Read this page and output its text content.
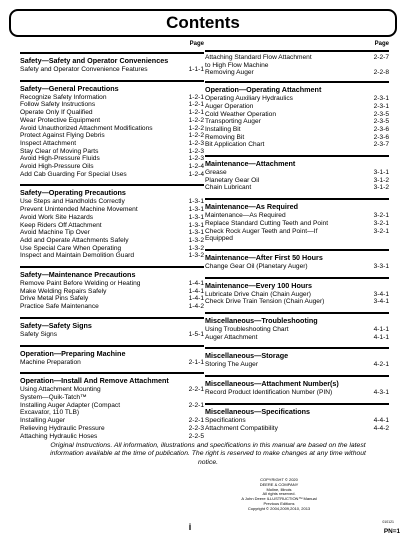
Contents
Page
Safety—Safety and Operator Conveniences
1-1-1
Safety and Operator Convenience Features
Safety—General Precautions
1-2-1
Recognize Safety Information
1-2-1
Follow Safety Instructions
1-2-1
Operate Only If Qualified
1-2-2
Wear Protective Equipment
1-2-2
Avoid Unauthorized Attachment Modifications
1-2-2
Protect Against Flying Debris
1-2-3
Inspect Attachment
1-2-3
Stay Clear of Moving Parts
1-2-3
Avoid High-Pressure Fluids
1-2-4
Avoid High-Pressure Oils
1-2-4
Add Cab Guarding For Special Uses
Safety—Operating Precautions
1-3-1
Use Steps and Handholds Correctly
1-3-1
Prevent Unintended Machine Movement
1-3-1
Avoid Work Site Hazards
1-3-1
Keep Riders Off Attachment
1-3-1
Avoid Machine Tip Over
1-3-2
Add and Operate Attachments Safely
1-3-2
Use Special Care When Operating
1-3-2
Inspect and Maintain Demolition Guard
Safety—Maintenance Precautions
1-4-1
Remove Paint Before Welding or Heating
1-4-1
Make Welding Repairs Safely
1-4-1
Drive Metal Pins Safely
1-4-2
Practice Safe Maintenance
Safety—Safety Signs
1-5-1
Safety Signs
Operation—Preparing Machine
2-1-1
Machine Preparation
Operation—Install And Remove Attachment
2-2-1
Using Attachment Mounting
System—Quik-Tatch™
2-2-1
Installing Auger Adapter (Compact
Excavator, 110 TLB)
2-2-1
Installing Auger
2-2-3
Relieving Hydraulic Pressure
2-2-5
Attaching Hydraulic Hoses
Page
2-2-7
Attaching Standard Flow Attachment
to High Flow Machine
2-2-8
Removing Auger
Operation—Operating Attachment
2-3-1
Operating Auxiliary Hydraulics
2-3-1
Auger Operation
2-3-5
Cold Weather Operation
2-3-5
Transporting Auger
2-3-6
Installing Bit
2-3-6
Removing Bit
2-3-7
Bit Application Chart
Maintenance—Attachment
3-1-1
Grease
3-1-2
Planetary Gear Oil
3-1-2
Chain Lubricant
Maintenance—As Required
3-2-1
Maintenance—As Required
3-2-1
Replace Standard Cutting Teeth and Point
3-2-1
Check Rock Auger Teeth and Point—If
Equipped
Maintenance—After First 50 Hours
3-3-1
Change Gear Oil (Planetary Auger)
Maintenance—Every 100 Hours
3-4-1
Lubricate Drive Chain (Chain Auger)
3-4-1
Check Drive Train Tension (Chain Auger)
Miscellaneous—Troubleshooting
4-1-1
Using Troubleshooting Chart
4-1-1
Auger Attachment
Miscellaneous—Storage
4-2-1
Storing The Auger
Miscellaneous—Attachment Number(s)
4-3-1
Record Product Identification Number (PIN)
Miscellaneous—Specifications
4-4-1
Specifications
4-4-2
Attachment Compatibility
Original Instructions. All information, illustrations and specifications in this manual are based on the latest information available at the time of publication. The right is reserved to make changes at any time without notice.
COPYRIGHT © 2020
DEERE & COMPANY
Moline, Illinois
All rights reserved.
A John Deere ILLUSTRUCTION™ Manual
Previous Editions
Copyright © 2004,2009,2010, 2013
i	010121
PN=1
